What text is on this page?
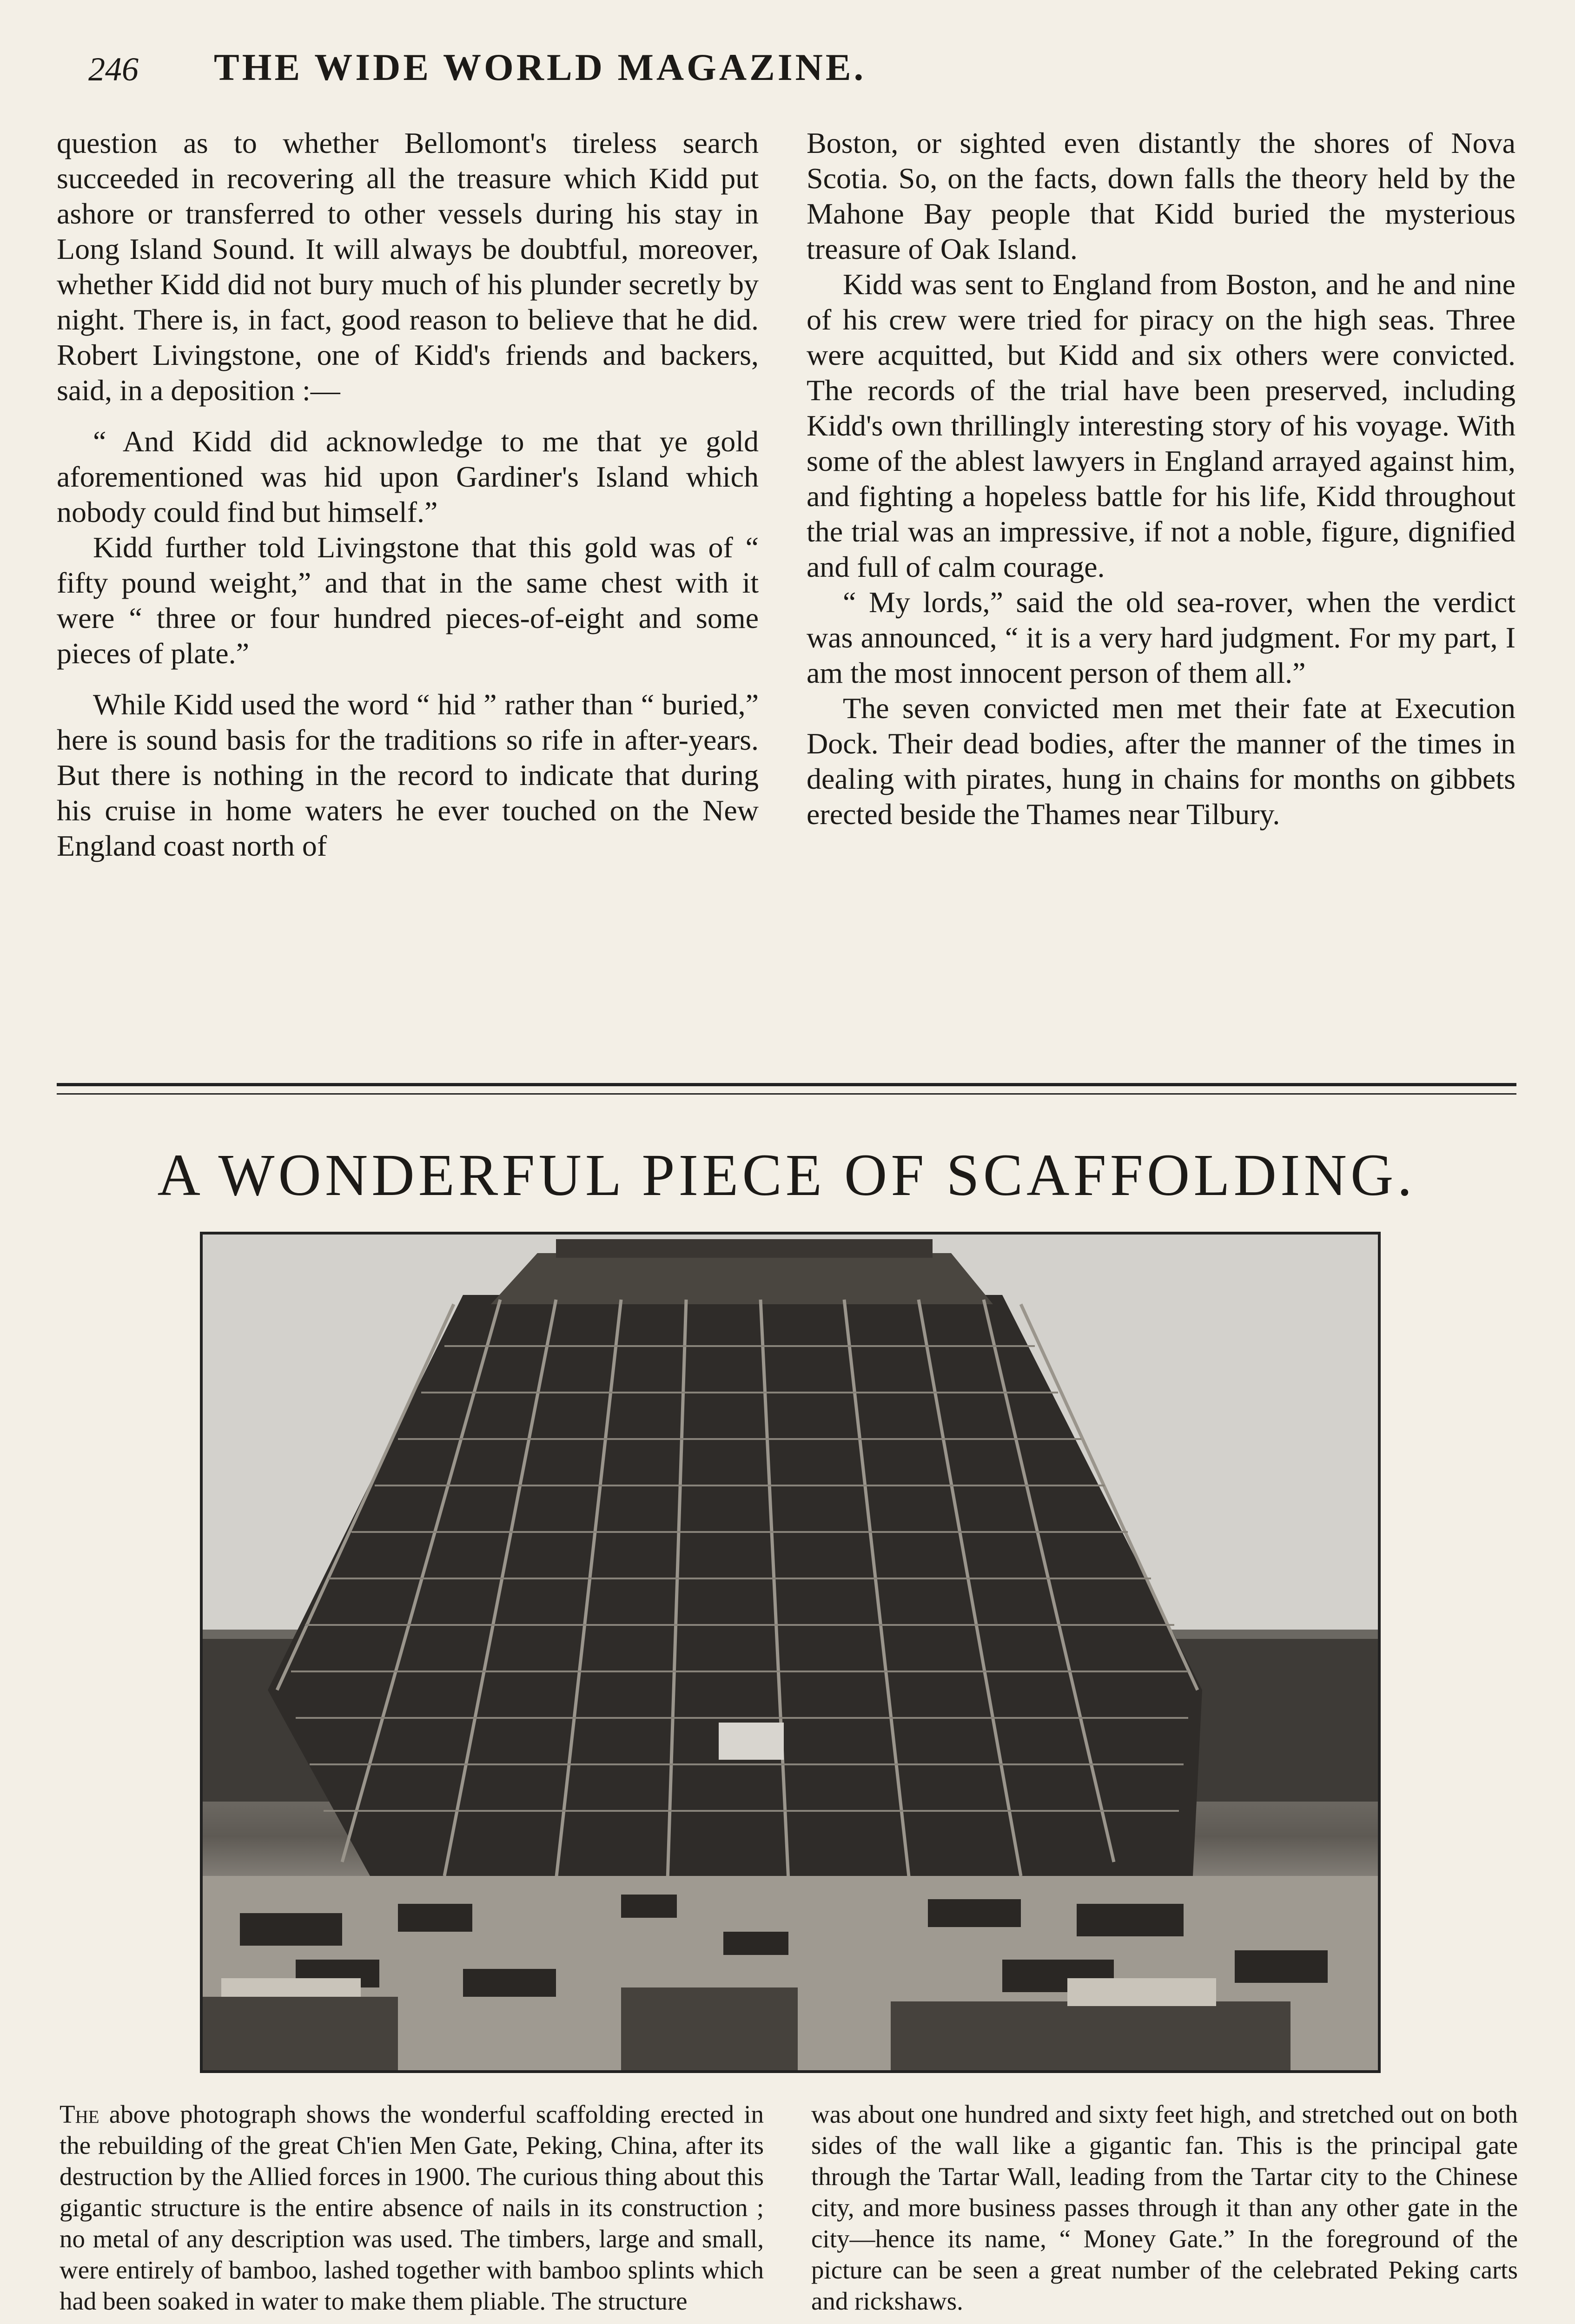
246 THE WIDE WORLD MAGAZINE.

question as to whether Bellomont's tireless search succeeded in recovering all the treasure which Kidd put ashore or transferred to other vessels during his stay in Long Island Sound. It will always be doubtful, moreover, whether Kidd did not bury much of his plunder secretly by night. There is, in fact, good reason to believe that he did. Robert Livingstone, one of Kidd's friends and backers, said, in a deposition :—

“ And Kidd did acknowledge to me that ye gold aforementioned was hid upon Gardiner's Island which nobody could find but himself.”

Kidd further told Livingstone that this gold was of “ fifty pound weight,” and that in the same chest with it were “ three or four hundred pieces-of-eight and some pieces of plate.”

While Kidd used the word “ hid ” rather than “ buried,” here is sound basis for the traditions so rife in after-years. But there is nothing in the record to indicate that during his cruise in home waters he ever touched on the New England coast north of

Boston, or sighted even distantly the shores of Nova Scotia. So, on the facts, down falls the theory held by the Mahone Bay people that Kidd buried the mysterious treasure of Oak Island.

Kidd was sent to England from Boston, and he and nine of his crew were tried for piracy on the high seas. Three were acquitted, but Kidd and six others were convicted. The records of the trial have been preserved, including Kidd's own thrillingly interesting story of his voyage. With some of the ablest lawyers in England arrayed against him, and fighting a hopeless battle for his life, Kidd throughout the trial was an impressive, if not a noble, figure, dignified and full of calm courage.

“ My lords,” said the old sea-rover, when the verdict was announced, “ it is a very hard judgment. For my part, I am the most innocent person of them all.”

The seven convicted men met their fate at Execution Dock. Their dead bodies, after the manner of the times in dealing with pirates, hung in chains for months on gibbets erected beside the Thames near Tilbury.

A WONDERFUL PIECE OF SCAFFOLDING.
The above photograph shows the wonderful scaffolding erected in the rebuilding of the great Ch'ien Men Gate, Peking, China, after its destruction by the Allied forces in 1900. The curious thing about this gigantic structure is the entire absence of nails in its construction ; no metal of any description was used. The timbers, large and small, were entirely of bamboo, lashed together with bamboo splints which had been soaked in water to make them pliable. The structure
was about one hundred and sixty feet high, and stretched out on both sides of the wall like a gigantic fan. This is the principal gate through the Tartar Wall, leading from the Tartar city to the Chinese city, and more business passes through it than any other gate in the city—hence its name, “ Money Gate.” In the foreground of the picture can be seen a great number of the celebrated Peking carts and rickshaws.
